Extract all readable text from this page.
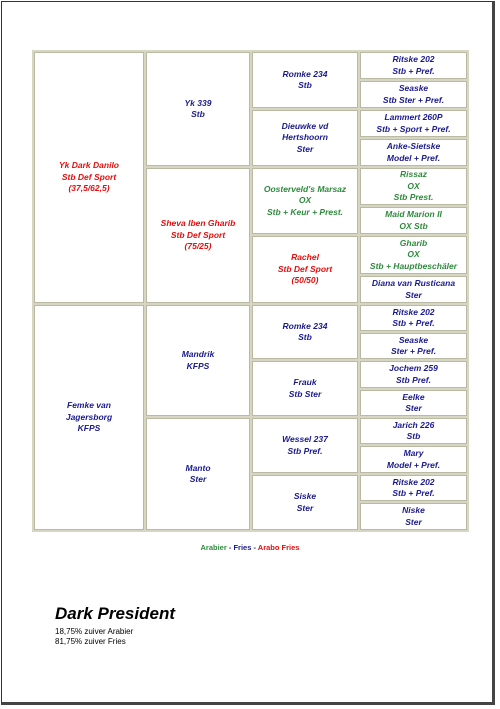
Yk Dark Danilo
Stb Def Sport
(37,5/62,5)
Femke van
Jagersborg
KFPS
Yk 339
Stb
Sheva Iben Gharib
Stb Def Sport
(75/25)
Mandrik
KFPS
Manto
Ster
Romke 234
Stb
Dieuwke vd
Hertshoorn
Ster
Oosterveld's Marsaz
OX
Stb + Keur + Prest.
Rachel
Stb Def Sport
(50/50)
Romke 234
Stb
Frauk
Stb Ster
Wessel 237
Stb Pref.
Siske
Ster
Ritske 202
Stb + Pref.
Seaske
Stb Ster + Pref.
Lammert 260P
Stb + Sport + Pref.
Anke-Sietske
Model + Pref.
Rissaz
OX
Stb Prest.
Maid Marion II
OX Stb
Gharib
OX
Stb + Hauptbeschäler
Diana van Rusticana
Ster
Ritske 202
Stb + Pref.
Seaske
Ster + Pref.
Jochem 259
Stb Pref.
Eelke
Ster
Jarich 226
Stb
Mary
Model + Pref.
Ritske 202
Stb + Pref.
Niske
Ster
Arabier - Fries - Arabo Fries
Dark President
18,75% zuiver Arabier
81,75% zuiver Fries
